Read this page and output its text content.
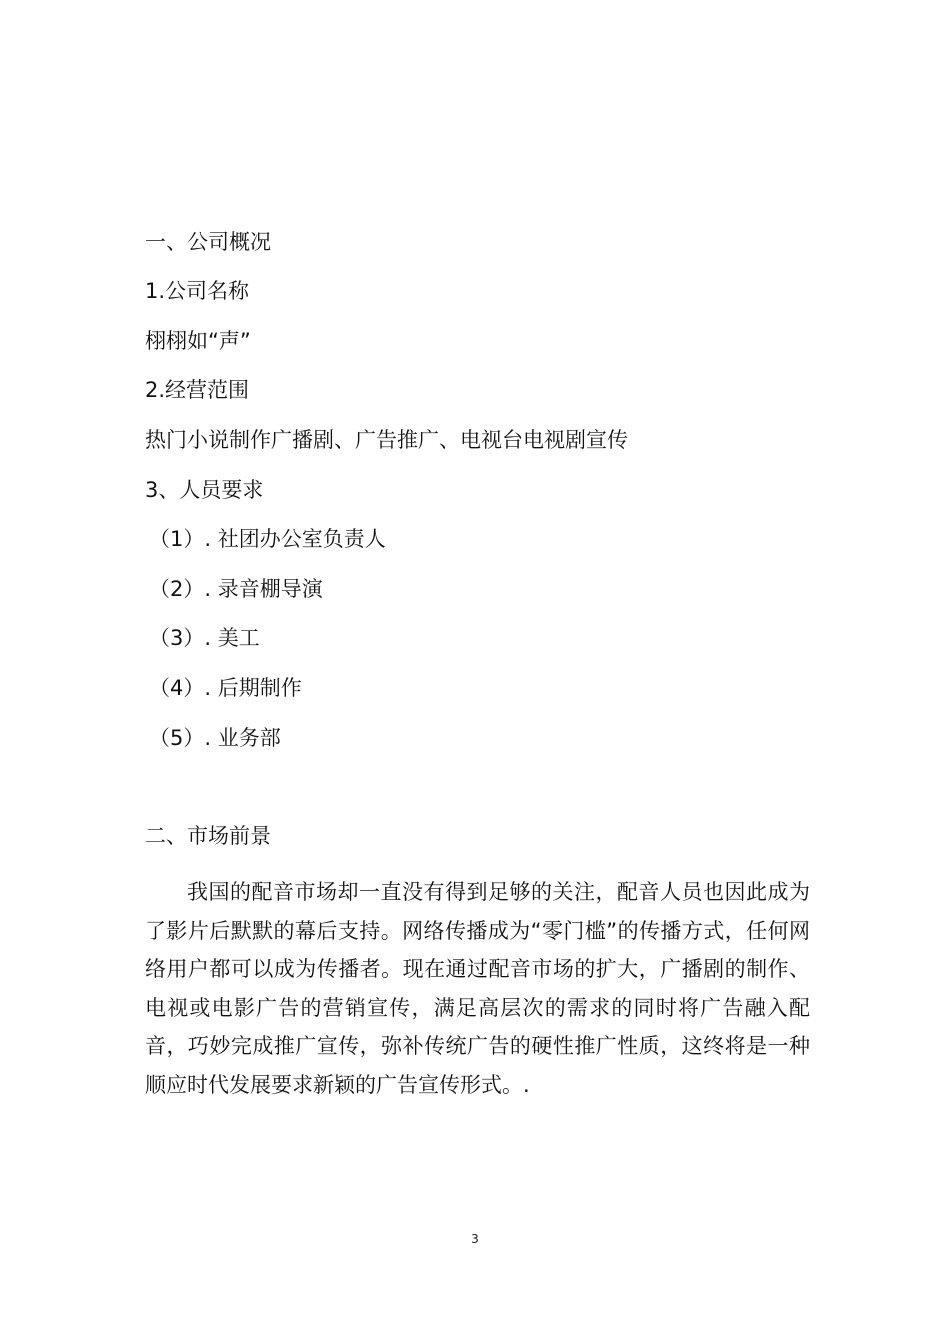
一、公司概况
1.公司名称
栩栩如“声”
2.经营范围
热门小说制作广播剧、广告推广、电视台电视剧宣传
3、人员要求
（1）. 社团办公室负责人
（2）. 录音棚导演
（3）. 美工
（4）. 后期制作
（5）. 业务部
二、市场前景
我国的配音市场却一直没有得到足够的关注，配音人员也因此成为了影片后默默的幕后支持。网络传播成为“零门槛”的传播方式，任何网络用户都可以成为传播者。现在通过配音市场的扩大，广播剧的制作、电视或电影广告的营销宣传，满足高层次的需求的同时将广告融入配音，巧妙完成推广宣传，弥补传统广告的硬性推广性质，这终将是一种顺应时代发展要求新颖的广告宣传形式。.
3
